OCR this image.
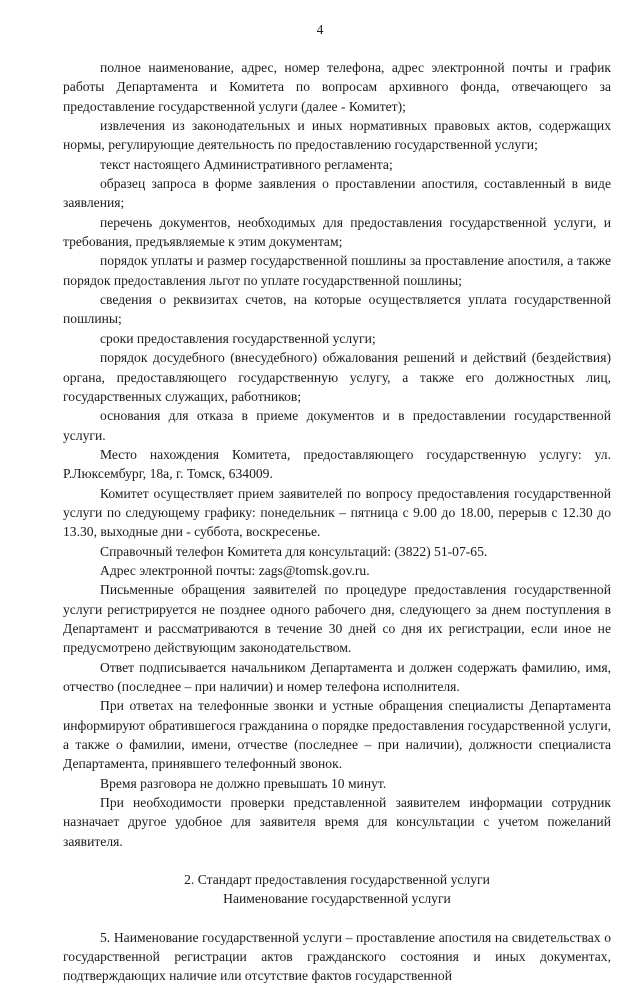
4

полное наименование, адрес, номер телефона, адрес электронной почты и график работы Департамента и Комитета по вопросам архивного фонда, отвечающего за предоставление государственной услуги (далее - Комитет);

извлечения из законодательных и иных нормативных правовых актов, содержащих нормы, регулирующие деятельность по предоставлению государственной услуги;

текст настоящего Административного регламента;

образец запроса в форме заявления о проставлении апостиля, составленный в виде заявления;

перечень документов, необходимых для предоставления государственной услуги, и требования, предъявляемые к этим документам;

порядок уплаты и размер государственной пошлины за проставление апостиля, а также порядок предоставления льгот по уплате государственной пошлины;

сведения о реквизитах счетов, на которые осуществляется уплата государственной пошлины;

сроки предоставления государственной услуги;

порядок досудебного (внесудебного) обжалования решений и действий (бездействия) органа, предоставляющего государственную услугу, а также его должностных лиц, государственных служащих, работников;

основания для отказа в приеме документов и в предоставлении государственной услуги.

Место нахождения Комитета, предоставляющего государственную услугу: ул. Р.Люксембург, 18а, г. Томск, 634009.

Комитет осуществляет прием заявителей по вопросу предоставления государственной услуги по следующему графику: понедельник – пятница с 9.00 до 18.00, перерыв с 12.30 до 13.30, выходные дни - суббота, воскресенье.

Справочный телефон Комитета для консультаций: (3822) 51-07-65.

Адрес электронной почты: zags@tomsk.gov.ru.

Письменные обращения заявителей по процедуре предоставления государственной услуги регистрируется не позднее одного рабочего дня, следующего за днем поступления в Департамент и рассматриваются в течение 30 дней со дня их регистрации, если иное не предусмотрено действующим законодательством.

Ответ подписывается начальником Департамента и должен содержать фамилию, имя, отчество (последнее – при наличии) и номер телефона исполнителя.

При ответах на телефонные звонки и устные обращения специалисты Департамента информируют обратившегося гражданина о порядке предоставления государственной услуги, а также о фамилии, имени, отчестве (последнее – при наличии), должности специалиста Департамента, принявшего телефонный звонок.

Время разговора не должно превышать 10 минут.

При необходимости проверки представленной заявителем информации сотрудник назначает другое удобное для заявителя время для консультации с учетом пожеланий заявителя.

2. Стандарт предоставления государственной услуги

Наименование государственной услуги

5. Наименование государственной услуги – проставление апостиля на свидетельствах о государственной регистрации актов гражданского состояния и иных документах, подтверждающих наличие или отсутствие фактов государственной
